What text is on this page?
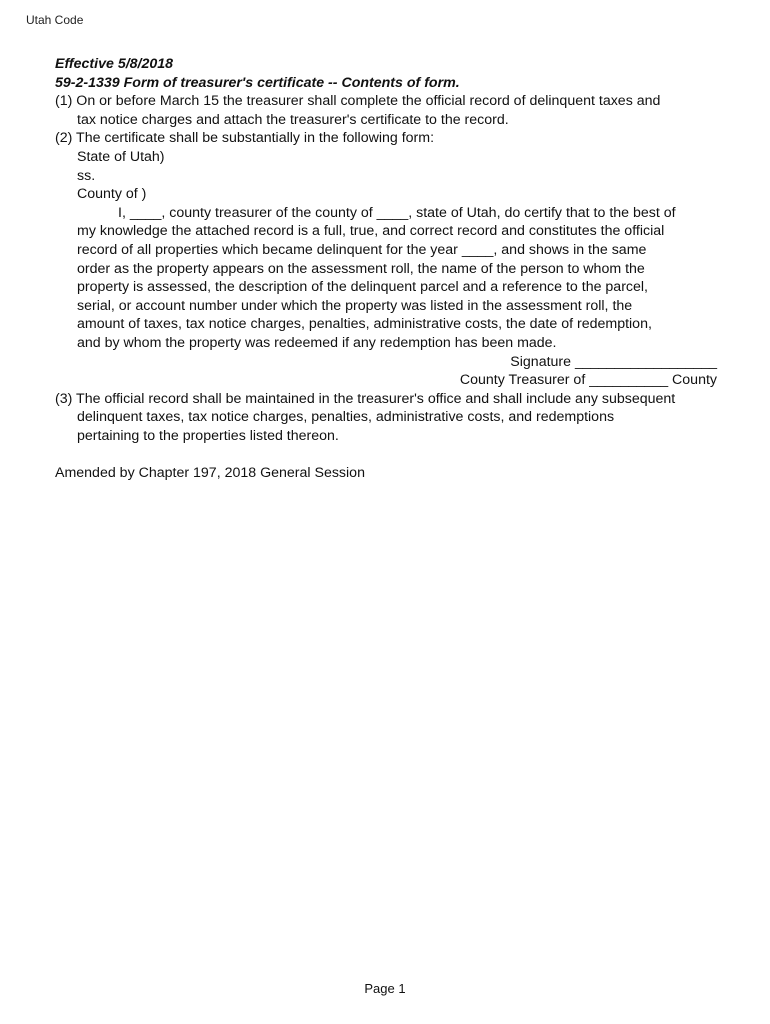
Utah Code
Effective 5/8/2018
59-2-1339 Form of treasurer's certificate -- Contents of form.
(1) On or before March 15 the treasurer shall complete the official record of delinquent taxes and
tax notice charges and attach the treasurer's certificate to the record.
(2) The certificate shall be substantially in the following form:
State of Utah)
ss.
County of )
I, ____, county treasurer of the county of ____, state of Utah, do certify that to the best of
my knowledge the attached record is a full, true, and correct record and constitutes the official
record of all properties which became delinquent for the year ____, and shows in the same
order as the property appears on the assessment roll, the name of the person to whom the
property is assessed, the description of the delinquent parcel and a reference to the parcel,
serial, or account number under which the property was listed in the assessment roll, the
amount of taxes, tax notice charges, penalties, administrative costs, the date of redemption,
and by whom the property was redeemed if any redemption has been made.
Signature __________________
County Treasurer of __________ County
(3) The official record shall be maintained in the treasurer's office and shall include any subsequent
delinquent taxes, tax notice charges, penalties, administrative costs, and redemptions
pertaining to the properties listed thereon.
Amended by Chapter 197, 2018 General Session
Page 1
